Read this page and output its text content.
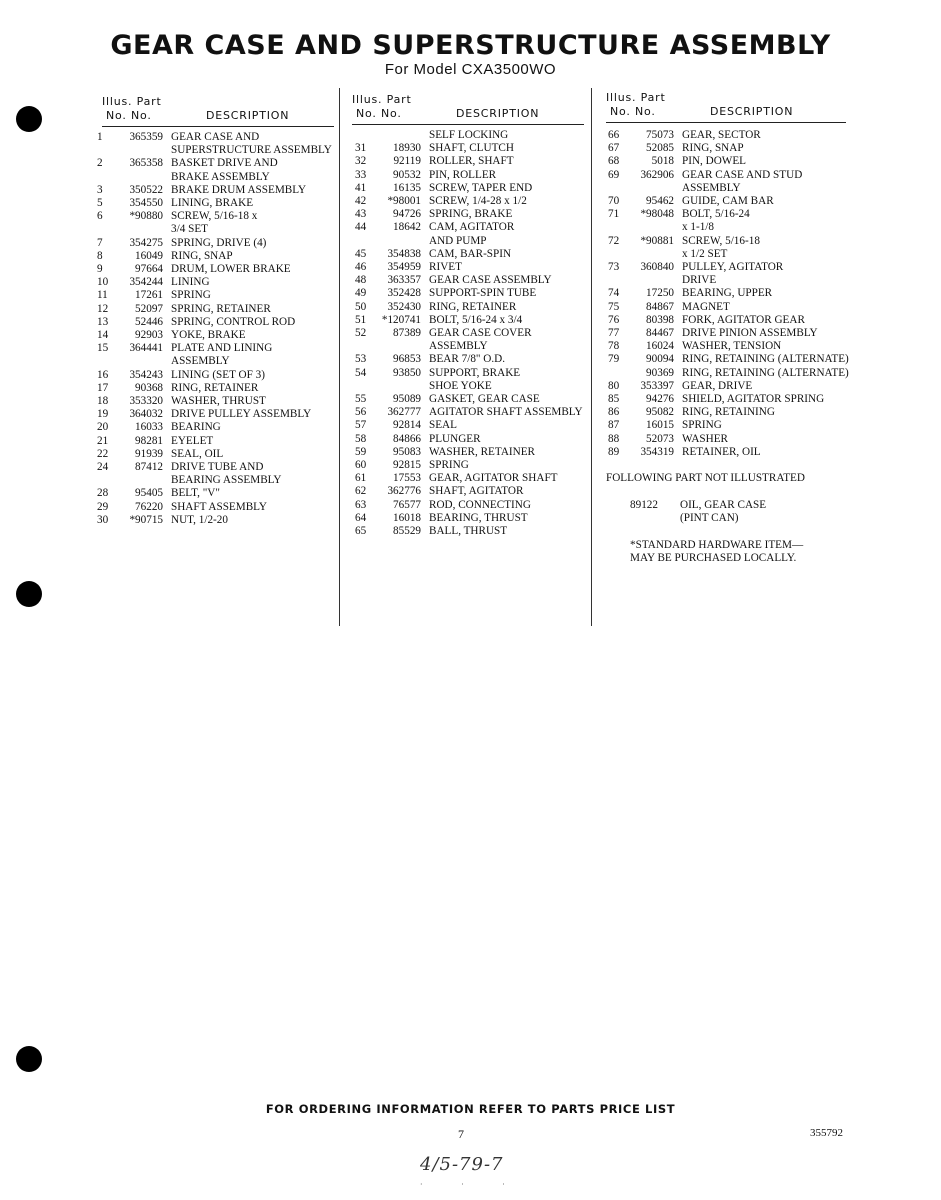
GEAR CASE AND SUPERSTRUCTURE ASSEMBLY
For Model CXA3500WO
Illus. Part
No. No.	DESCRIPTION
Illus. Part
No. No.	DESCRIPTION
Illus. Part
No. No.	DESCRIPTION
1	365359 GEAR CASE AND
SUPERSTRUCTURE ASSEMBLY
2	365358 BASKET DRIVE AND
BRAKE ASSEMBLY
3	350522 BRAKE DRUM ASSEMBLY
5	354550 LINING, BRAKE
6	*90880 SCREW, 5/16-18 x
3/4 SET
7	354275 SPRING, DRIVE (4)
8	16049 RING, SNAP
9	97664 DRUM, LOWER BRAKE
10	354244 LINING
11	17261 SPRING
12	52097 SPRING, RETAINER
13	52446 SPRING, CONTROL ROD
14	92903 YOKE, BRAKE
15	364441 PLATE AND LINING
ASSEMBLY
16	354243 LINING (SET OF 3)
17	90368 RING, RETAINER
18	353320 WASHER, THRUST
19	364032 DRIVE PULLEY ASSEMBLY
20	16033 BEARING
21	98281 EYELET
22	91939 SEAL, OIL
24	87412 DRIVE TUBE AND
BEARING ASSEMBLY
28	95405 BELT, "V"
29	76220 SHAFT ASSEMBLY
30	*90715 NUT, 1/2-20
SELF LOCKING
31	18930 SHAFT, CLUTCH
32	92119 ROLLER, SHAFT
33	90532 PIN, ROLLER
41	16135 SCREW, TAPER END
42	*98001 SCREW, 1/4-28 x 1/2
43	94726 SPRING, BRAKE
44	18642 CAM, AGITATOR
AND PUMP
45	354838 CAM, BAR-SPIN
46	354959 RIVET
48	363357 GEAR CASE ASSEMBLY
49	352428 SUPPORT-SPIN TUBE
50	352430 RING, RETAINER
51	*120741 BOLT, 5/16-24 x 3/4
52	87389 GEAR CASE COVER
ASSEMBLY
53	96853 BEAR 7/8" O.D.
54	93850 SUPPORT, BRAKE
SHOE YOKE
55	95089 GASKET, GEAR CASE
56	362777 AGITATOR SHAFT ASSEMBLY
57	92814 SEAL
58	84866 PLUNGER
59	95083 WASHER, RETAINER
60	92815 SPRING
61	17553 GEAR, AGITATOR SHAFT
62	362776 SHAFT, AGITATOR
63	76577 ROD, CONNECTING
64	16018 BEARING, THRUST
65	85529 BALL, THRUST
66	75073 GEAR, SECTOR
67	52085 RING, SNAP
68	5018 PIN, DOWEL
69	362906 GEAR CASE AND STUD
ASSEMBLY
70	95462 GUIDE, CAM BAR
71	*98048 BOLT, 5/16-24
x 1-1/8
72	*90881 SCREW, 5/16-18
x 1/2 SET
73	360840 PULLEY, AGITATOR
DRIVE
74	17250 BEARING, UPPER
75	84867 MAGNET
76	80398 FORK, AGITATOR GEAR
77	84467 DRIVE PINION ASSEMBLY
78	16024 WASHER, TENSION
79	90094 RING, RETAINING (ALTERNATE)
90369 RING, RETAINING (ALTERNATE)
80	353397 GEAR, DRIVE
85	94276 SHIELD, AGITATOR SPRING
86	95082 RING, RETAINING
87	16015 SPRING
88	52073 WASHER
89	354319 RETAINER, OIL
FOLLOWING PART NOT ILLUSTRATED
89122 OIL, GEAR CASE
(PINT CAN)
*STANDARD HARDWARE ITEM—
MAY BE PURCHASED LOCALLY.
FOR ORDERING INFORMATION REFER TO PARTS PRICE LIST
7	355792
4/5-79-7
· · ·
